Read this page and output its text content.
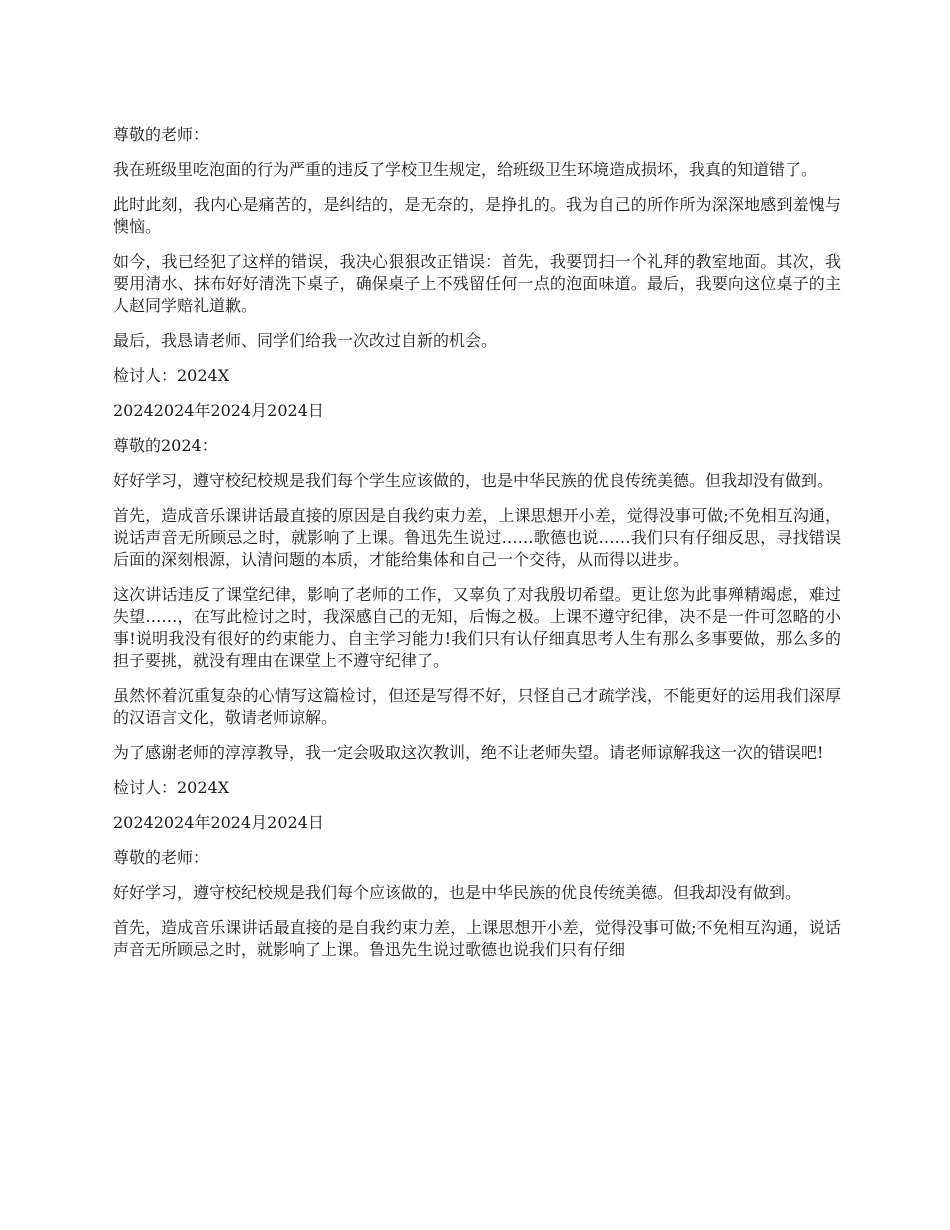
尊敬的老师：

我在班级里吃泡面的行为严重的违反了学校卫生规定，给班级卫生环境造成损坏，我真的知道错了。

此时此刻，我内心是痛苦的，是纠结的，是无奈的，是挣扎的。我为自己的所作所为深深地感到羞愧与懊恼。

如今，我已经犯了这样的错误，我决心狠狠改正错误：首先，我要罚扫一个礼拜的教室地面。其次，我要用清水、抹布好好清洗下桌子，确保桌子上不残留任何一点的泡面味道。最后，我要向这位桌子的主人赵同学赔礼道歉。

最后，我恳请老师、同学们给我一次改过自新的机会。

检讨人：2024X

20242024年2024月2024日

尊敬的2024：

好好学习，遵守校纪校规是我们每个学生应该做的，也是中华民族的优良传统美德。但我却没有做到。

首先，造成音乐课讲话最直接的原因是自我约束力差，上课思想开小差，觉得没事可做;不免相互沟通，说话声音无所顾忌之时，就影响了上课。鲁迅先生说过……歌德也说……我们只有仔细反思，寻找错误后面的深刻根源，认清问题的本质，才能给集体和自己一个交待，从而得以进步。

这次讲话违反了课堂纪律，影响了老师的工作，又辜负了对我殷切希望。更让您为此事殚精竭虑，难过失望……，在写此检讨之时，我深感自己的无知，后悔之极。上课不遵守纪律，决不是一件可忽略的小事!说明我没有很好的约束能力、自主学习能力!我们只有认仔细真思考人生有那么多事要做，那么多的担子要挑，就没有理由在课堂上不遵守纪律了。

虽然怀着沉重复杂的心情写这篇检讨，但还是写得不好，只怪自己才疏学浅，不能更好的运用我们深厚的汉语言文化，敬请老师谅解。

为了感谢老师的淳淳教导，我一定会吸取这次教训，绝不让老师失望。请老师谅解我这一次的错误吧!

检讨人：2024X

20242024年2024月2024日

尊敬的老师：

好好学习，遵守校纪校规是我们每个应该做的，也是中华民族的优良传统美德。但我却没有做到。

首先，造成音乐课讲话最直接的是自我约束力差，上课思想开小差，觉得没事可做;不免相互沟通，说话声音无所顾忌之时，就影响了上课。鲁迅先生说过歌德也说我们只有仔细
